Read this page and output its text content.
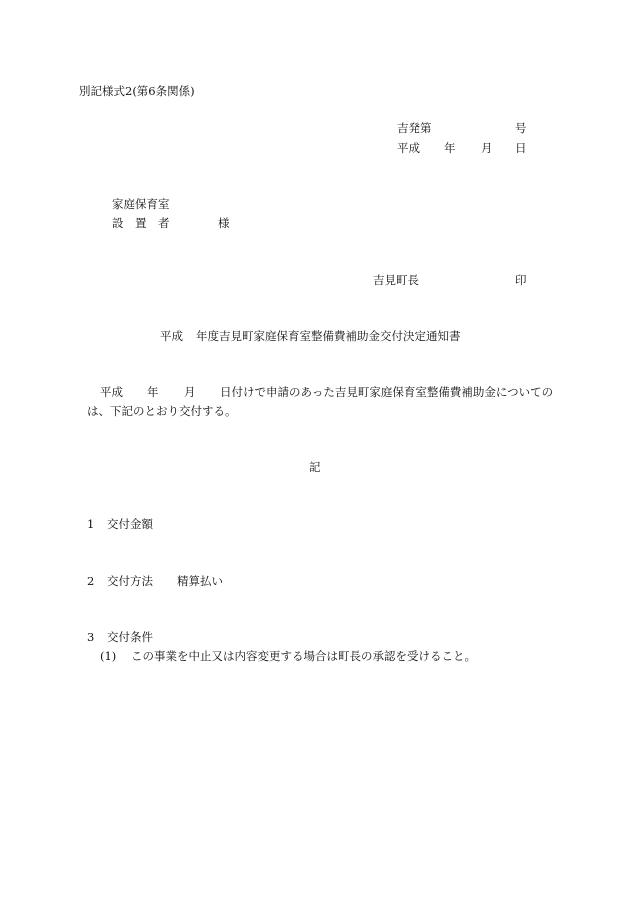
別記様式2(第6条関係)
吉発第	号
平成 年 月 日
家庭保育室
設　置　者	様
吉見町長	印
平成 年度吉見町家庭保育室整備費補助金交付決定通知書
平成 年 月 日付けで申請のあった吉見町家庭保育室整備費補助金についての
は、下記のとおり交付する。
記
1 交付金額
2 交付方法 精算払い
3 交付条件
(1) この事業を中止又は内容変更する場合は町長の承認を受けること。
